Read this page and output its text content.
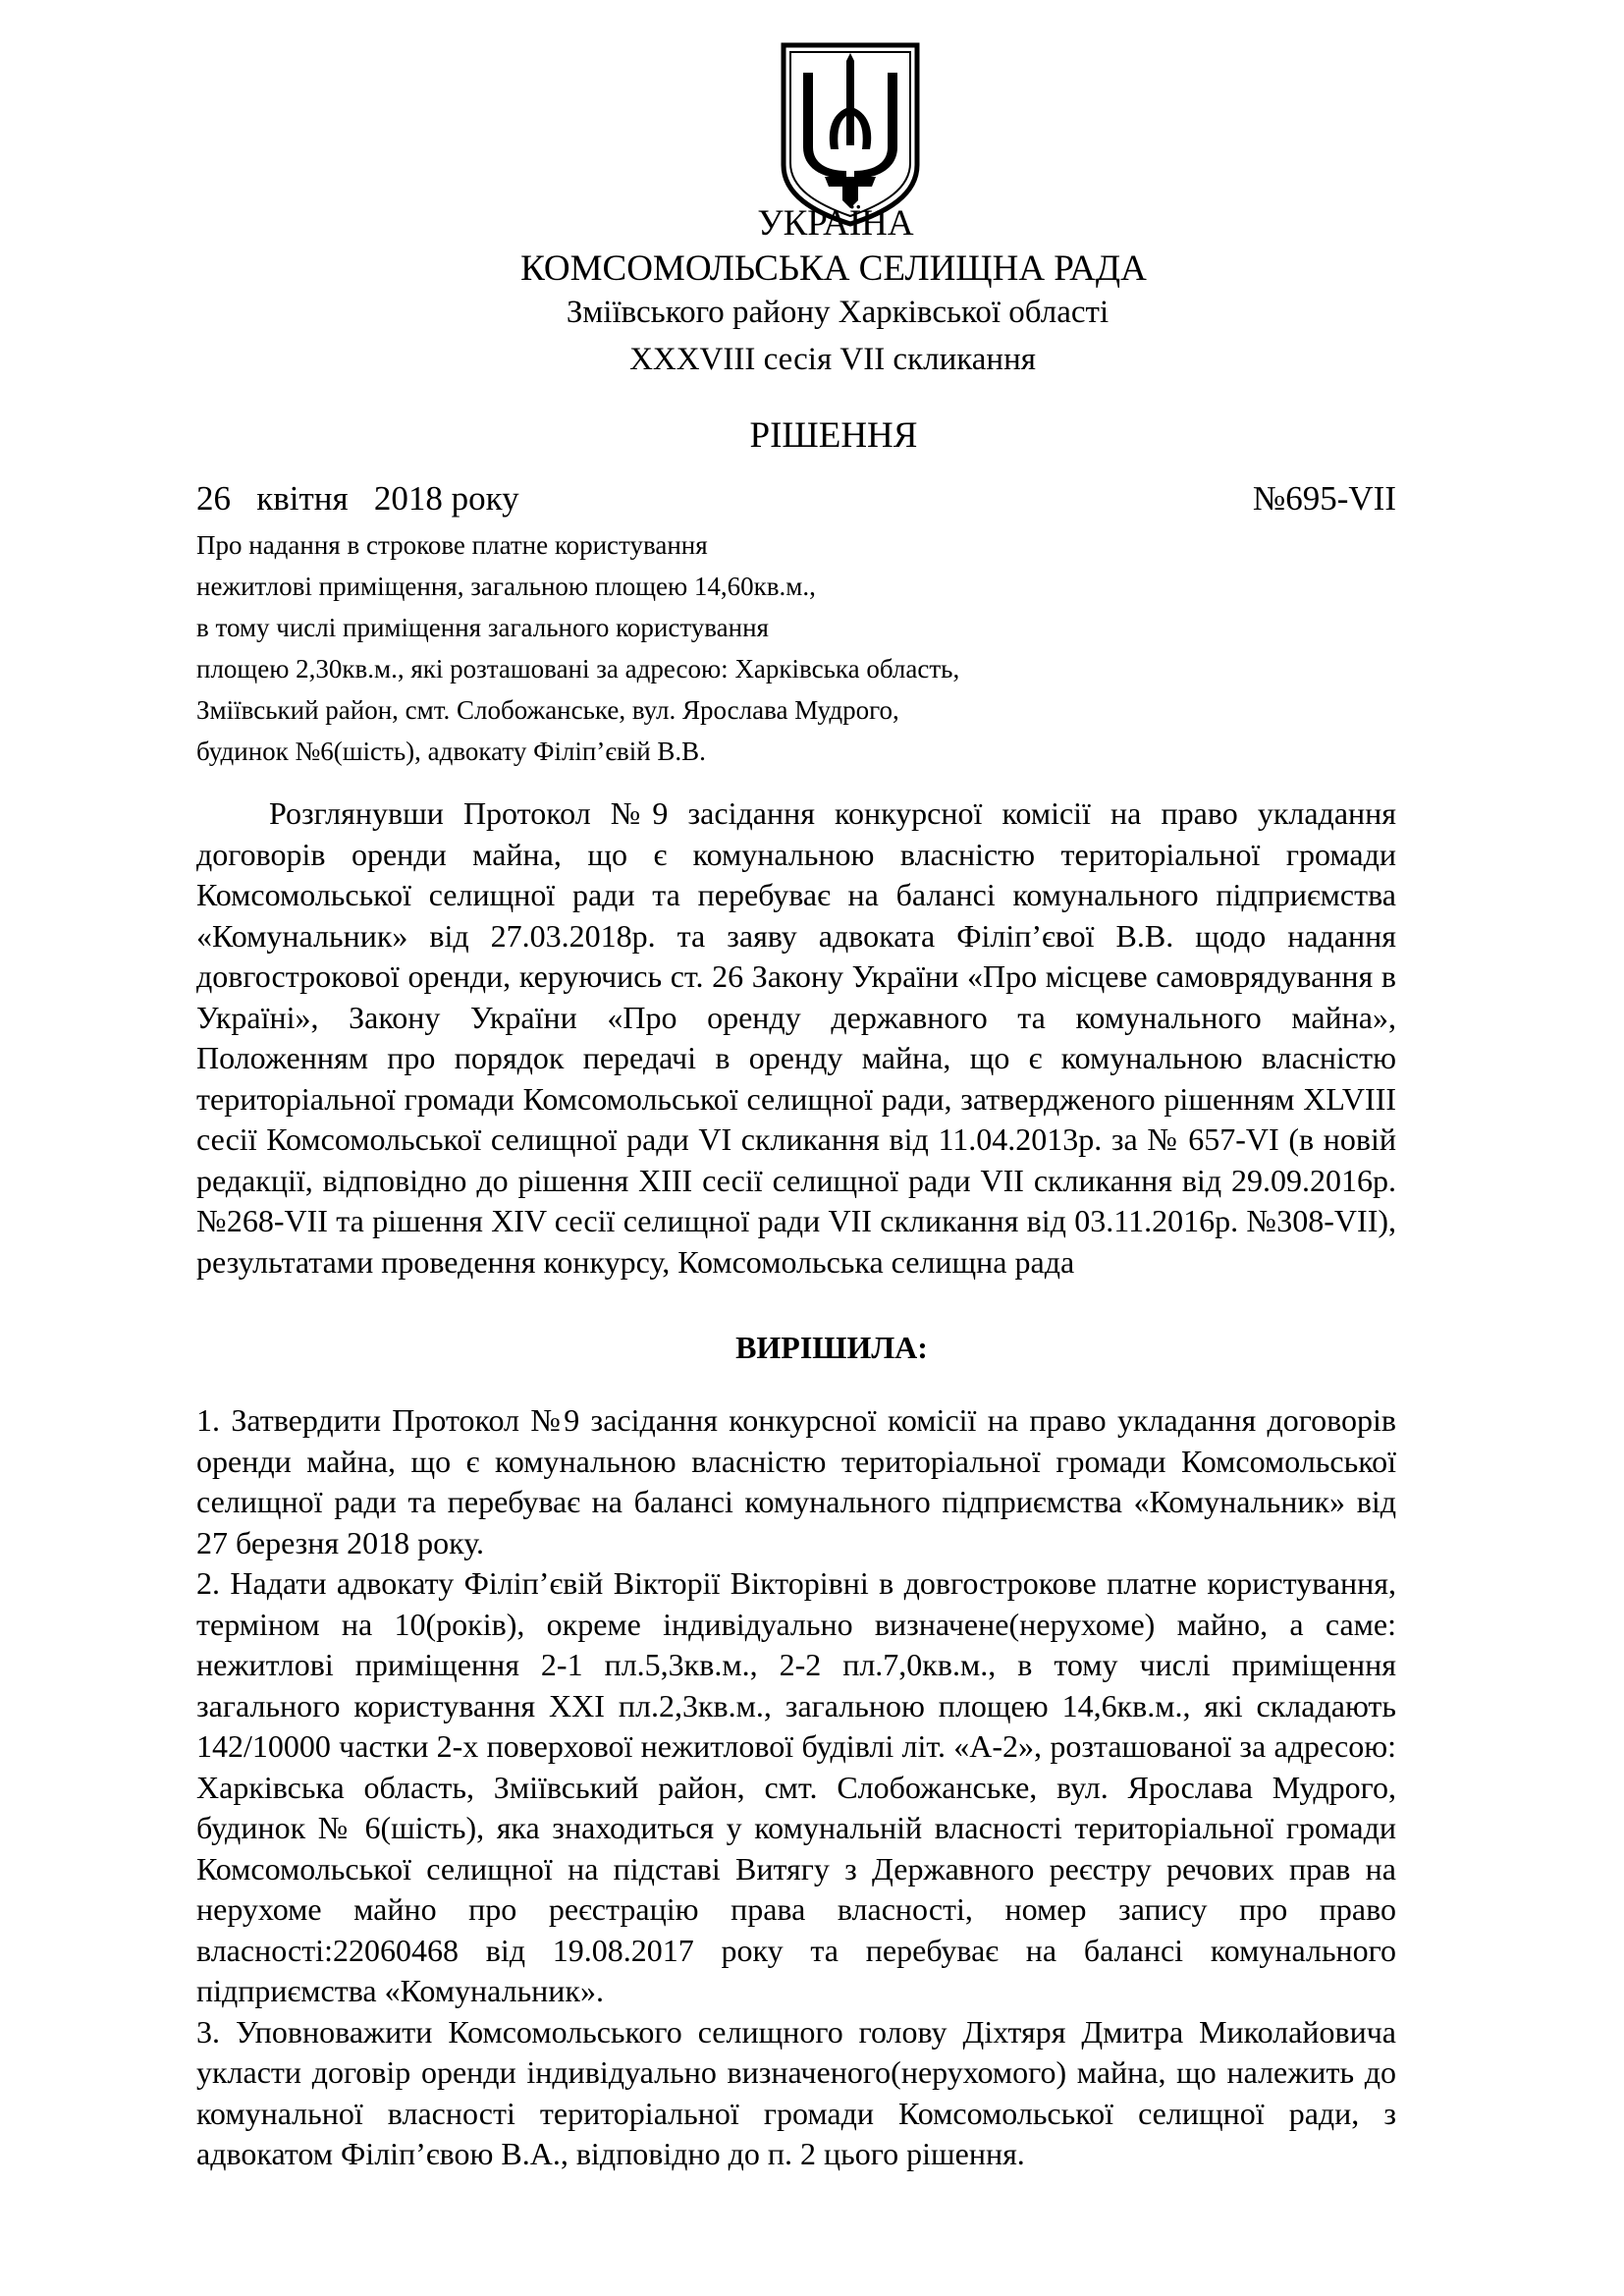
УКРАЇНА
КОМСОМОЛЬСЬКА СЕЛИЩНА РАДА
Зміївського району Харківської області
XXXVIII сесія VII скликання
РІШЕННЯ
26   квітня   2018 року	№695-VII
Про надання в строкове платне користування
нежитлові приміщення, загальною площею 14,60кв.м.,
в тому числі приміщення загального користування
площею 2,30кв.м., які розташовані за адресою: Харківська область,
Зміївський район, смт. Слобожанське, вул. Ярослава Мудрого,
будинок №6(шість), адвокату Філіп’євій В.В.
Розглянувши Протокол №9 засідання конкурсної комісії на право укладання договорів оренди майна, що є комунальною власністю територіальної громади Комсомольської селищної ради та перебуває на балансі комунального підприємства «Комунальник» від 27.03.2018р. та заяву адвоката Філіп’євої В.В. щодо надання довгострокової оренди, керуючись ст. 26 Закону України «Про місцеве самоврядування в Україні», Закону України «Про оренду державного та комунального майна», Положенням про порядок передачі в оренду майна, що є комунальною власністю територіальної громади Комсомольської селищної ради, затвердженого рішенням XLVIII сесії Комсомольської селищної ради VI скликання від 11.04.2013р. за № 657-VI (в новій редакції, відповідно до рішення XIII сесії селищної ради VII скликання від 29.09.2016р. №268-VII та рішення XIV сесії селищної ради VII скликання від 03.11.2016р. №308-VII), результатами проведення конкурсу, Комсомольська селищна рада
ВИРІШИЛА:

1. Затвердити Протокол №9 засідання конкурсної комісії на право укладання договорів оренди майна, що є комунальною власністю територіальної громади Комсомольської селищної ради та перебуває на балансі комунального підприємства «Комунальник» від 27 березня 2018 року.

2. Надати адвокату Філіп’євій Вікторії Вікторівні в довгострокове платне користування, терміном на 10(років), окреме індивідуально визначене(нерухоме) майно, а саме: нежитлові приміщення 2-1 пл.5,3кв.м., 2-2 пл.7,0кв.м., в тому числі приміщення загального користування XXI пл.2,3кв.м., загальною площею 14,6кв.м., які складають 142/10000 частки 2-х поверхової нежитлової будівлі літ. «А-2», розташованої за адресою: Харківська область, Зміївський район, смт. Слобожанське, вул. Ярослава Мудрого, будинок № 6(шість), яка знаходиться у комунальній власності територіальної громади Комсомольської селищної на підставі Витягу з Державного реєстру речових прав на нерухоме майно про реєстрацію права власності, номер запису про право власності:22060468 від 19.08.2017 року та перебуває на балансі комунального підприємства «Комунальник».

3. Уповноважити Комсомольського селищного голову Діхтяря Дмитра Миколайовича укласти договір оренди індивідуально визначеного(нерухомого) майна, що належить до комунальної власності територіальної громади Комсомольської селищної ради, з адвокатом Філіп’євою В.А., відповідно до п. 2 цього рішення.
